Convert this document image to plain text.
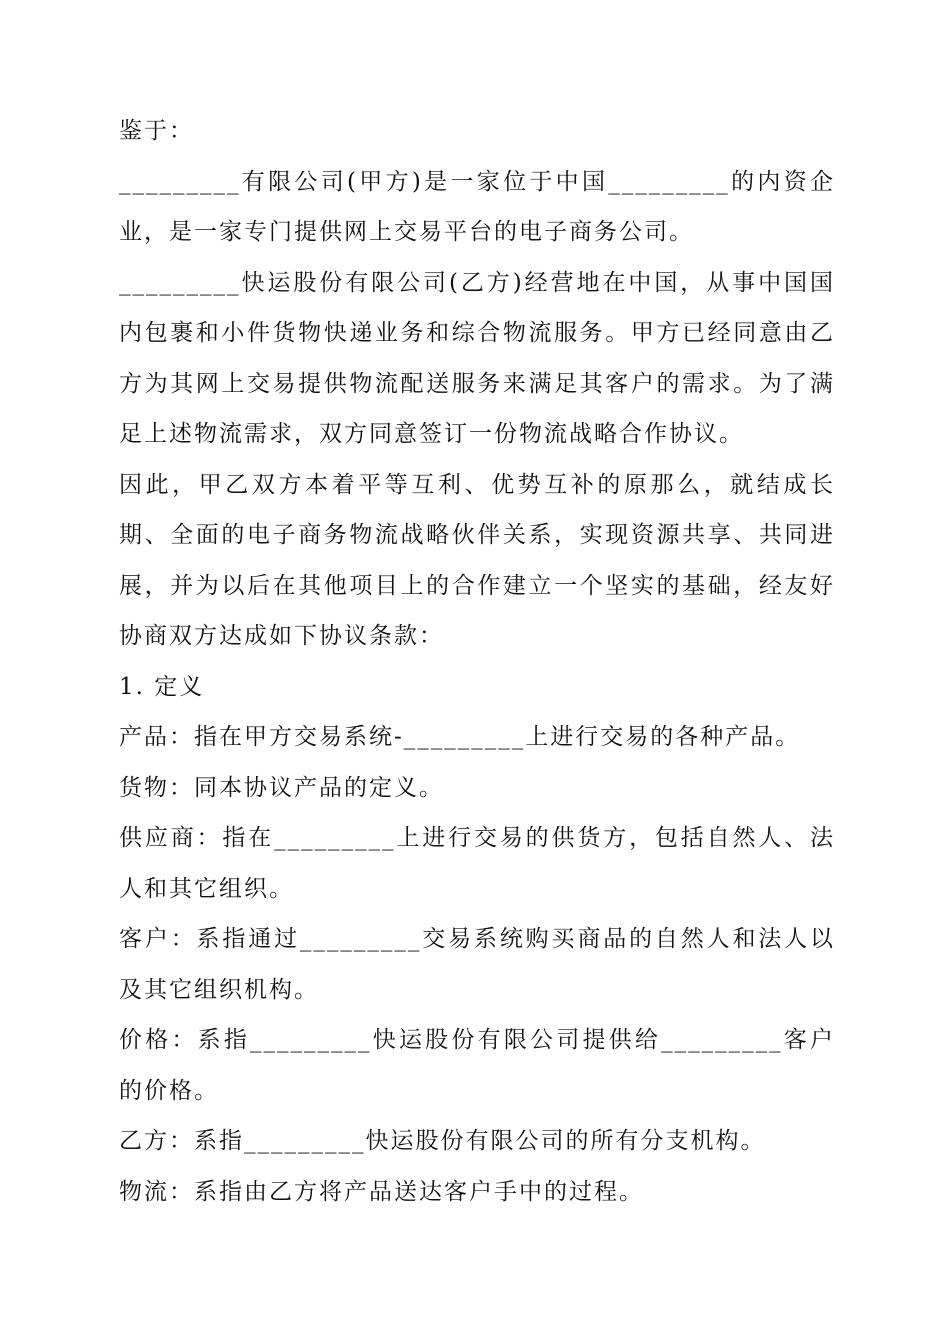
鉴于：

_________有限公司(甲方)是一家位于中国_________的内资企业，是一家专门提供网上交易平台的电子商务公司。

_________快运股份有限公司(乙方)经营地在中国，从事中国国内包裹和小件货物快递业务和综合物流服务。甲方已经同意由乙方为其网上交易提供物流配送服务来满足其客户的需求。为了满足上述物流需求，双方同意签订一份物流战略合作协议。

因此，甲乙双方本着平等互利、优势互补的原那么，就结成长期、全面的电子商务物流战略伙伴关系，实现资源共享、共同进展，并为以后在其他项目上的合作建立一个坚实的基础，经友好协商双方达成如下协议条款：

1. 定义

产品：指在甲方交易系统-_________上进行交易的各种产品。

货物：同本协议产品的定义。

供应商：指在_________上进行交易的供货方，包括自然人、法人和其它组织。

客户：系指通过_________交易系统购买商品的自然人和法人以及其它组织机构。

价格：系指_________快运股份有限公司提供给_________客户的价格。

乙方：系指_________快运股份有限公司的所有分支机构。

物流：系指由乙方将产品送达客户手中的过程。
